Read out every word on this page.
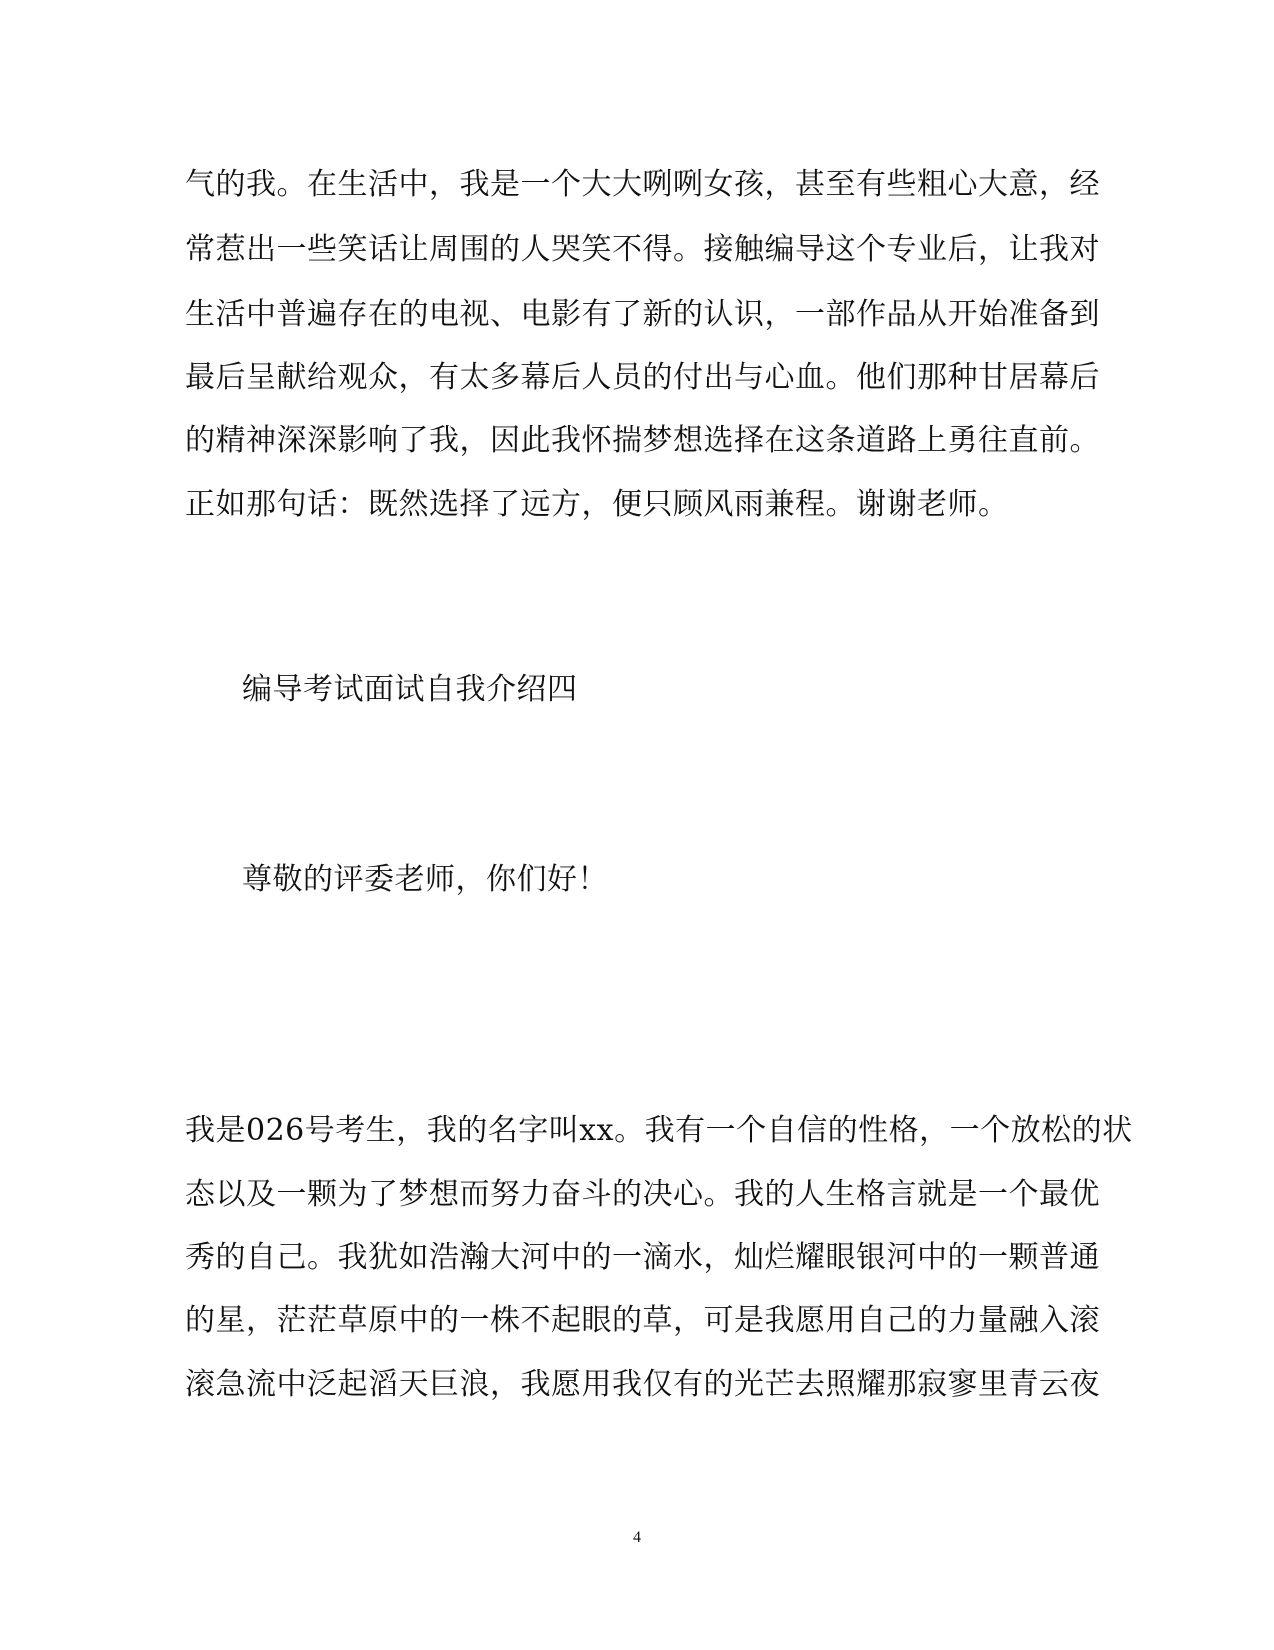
气的我。在生活中，我是一个大大咧咧女孩，甚至有些粗心大意，经
常惹出一些笑话让周围的人哭笑不得。接触编导这个专业后，让我对
生活中普遍存在的电视、电影有了新的认识，一部作品从开始准备到
最后呈献给观众，有太多幕后人员的付出与心血。他们那种甘居幕后
的精神深深影响了我，因此我怀揣梦想选择在这条道路上勇往直前。
正如那句话：既然选择了远方，便只顾风雨兼程。谢谢老师。
编导考试面试自我介绍四
尊敬的评委老师，你们好！
我是026号考生，我的名字叫xx。我有一个自信的性格，一个放松的状
态以及一颗为了梦想而努力奋斗的决心。我的人生格言就是一个最优
秀的自己。我犹如浩瀚大河中的一滴水，灿烂耀眼银河中的一颗普通
的星，茫茫草原中的一株不起眼的草，可是我愿用自己的力量融入滚
滚急流中泛起滔天巨浪，我愿用我仅有的光芒去照耀那寂寥里青云夜
4
